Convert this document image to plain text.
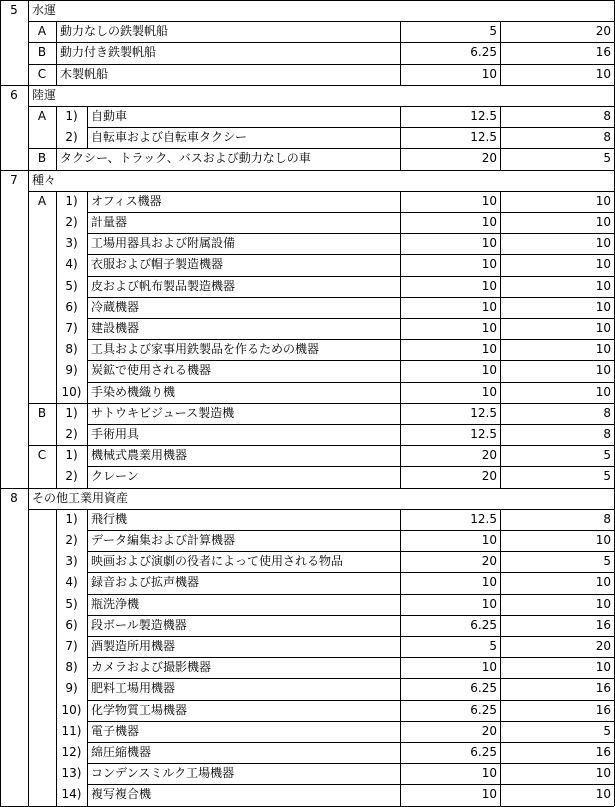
5	水運
A	動力なしの鉄製帆船	5	20
B	動力付き鉄製帆船	6.25	16
C	木製帆船	10	10
6	陸運
A	1)	自動車	12.5	8
2)	自転車および自転車タクシー	12.5	8
B	タクシー、トラック、バスおよび動力なしの車	20	5
7	種々
A	1)	オフィス機器	10	10
2)	計量器	10	10
3)	工場用器具および附属設備	10	10
4)	衣服および帽子製造機器	10	10
5)	皮および帆布製品製造機器	10	10
6)	冷蔵機器	10	10
7)	建設機器	10	10
8)	工具および家事用鉄製品を作るための機器	10	10
9)	炭鉱で使用される機器	10	10
10) 手染め機織り機	10	10
B	1)	サトウキビジュース製造機	12.5	8
2)	手術用具	12.5	8
C	1)	機械式農業用機器	20	5
2)	クレーン	20	5
8	その他工業用資産
1)	飛行機	12.5	8
2)	データ編集および計算機器	10	10
3)	映画および演劇の役者によって使用される物品	20	5
4)	録音および拡声機器	10	10
5)	瓶洗浄機	10	10
6)	段ボール製造機器	6.25	16
7)	酒製造所用機器	5	20
8)	カメラおよび撮影機器	10	10
9)	肥料工場用機器	6.25	16
10) 化学物質工場機器	6.25	16
11) 電子機器	20	5
12) 綿圧縮機器	6.25	16
13) コンデンスミルク工場機器	10	10
14) 複写複合機	10	10
